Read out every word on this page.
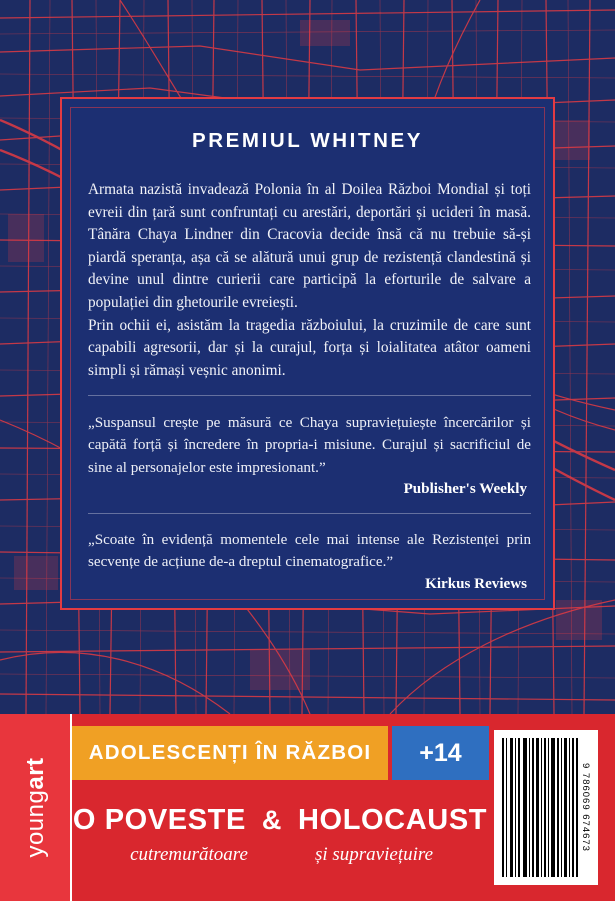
PREMIUL WHITNEY

Armata nazistă invadează Polonia în al Doilea Război Mondial și toți evreii din țară sunt confruntați cu arestări, deportări și ucideri în masă. Tânăra Chaya Lindner din Cracovia decide însă că nu trebuie să-și piardă speranța, așa că se alătură unui grup de rezistență clandestină și devine unul dintre curierii care participă la eforturile de salvare a populației din ghetourile evreiești.

Prin ochii ei, asistăm la tragedia războiului, la cruzimile de care sunt capabili agresorii, dar și la curajul, forța și loialitatea atâtor oameni simpli și rămași veșnic anonimi.

„Suspansul crește pe măsură ce Chaya supraviețuiește încercărilor și capătă forță și încredere în propria-i misiune. Curajul și sacrificiul de sine al personajelor este impresionant.”
Publisher's Weekly
„Scoate în evidență momentele cele mai intense ale Rezistenței prin secvențe de acțiune de-a dreptul cinematografice.”
Kirkus Reviews
young
art
ADOLESCENȚI ÎN RĂZBOI	+14
O POVESTE & HOLOCAUST
cutremurătoare	și supraviețuire
9 786069 674673
